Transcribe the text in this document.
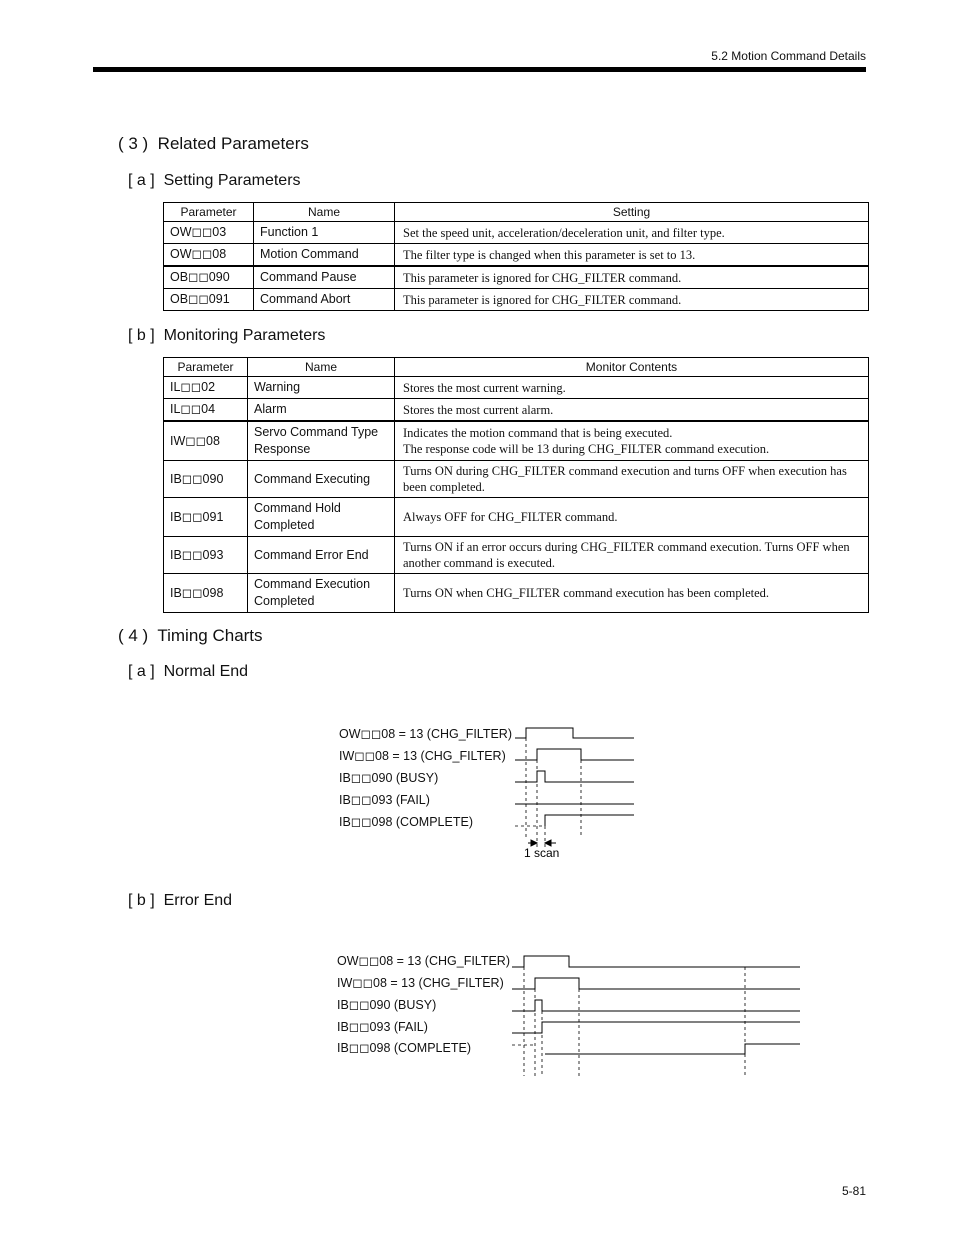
5.2 Motion Command Details
( 3 )  Related Parameters
[ a ]  Setting Parameters
Parameter	Name	Setting
OW◻◻03	Function 1	Set the speed unit, acceleration/deceleration unit, and filter type.
OW◻◻08	Motion Command	The filter type is changed when this parameter is set to 13.
OB◻◻090	Command Pause	This parameter is ignored for CHG_FILTER command.
OB◻◻091	Command Abort	This parameter is ignored for CHG_FILTER command.
[ b ]  Monitoring Parameters
Parameter	Name	Monitor Contents
IL◻◻02	Warning	Stores the most current warning.
IL◻◻04	Alarm	Stores the most current alarm.
IW◻◻08	Servo Command Type Response	Indicates the motion command that is being executed.
The response code will be 13 during CHG_FILTER command execution.
IB◻◻090	Command Executing	Turns ON during CHG_FILTER command execution and turns OFF when execution has been completed.
IB◻◻091	Command Hold Completed	Always OFF for CHG_FILTER command.
IB◻◻093	Command Error End	Turns ON if an error occurs during CHG_FILTER command execution. Turns OFF when another command is executed.
IB◻◻098	Command Execution Completed	Turns ON when CHG_FILTER command execution has been completed.
( 4 )  Timing Charts
[ a ]  Normal End
OW◻◻08 = 13 (CHG_FILTER)
IW◻◻08 = 13 (CHG_FILTER)
IB◻◻090 (BUSY)
IB◻◻093 (FAIL)
IB◻◻098 (COMPLETE)
1 scan
[ b ]  Error End
OW◻◻08 = 13 (CHG_FILTER)
IW◻◻08 = 13 (CHG_FILTER)
IB◻◻090 (BUSY)
IB◻◻093 (FAIL)
IB◻◻098 (COMPLETE)
5-81
